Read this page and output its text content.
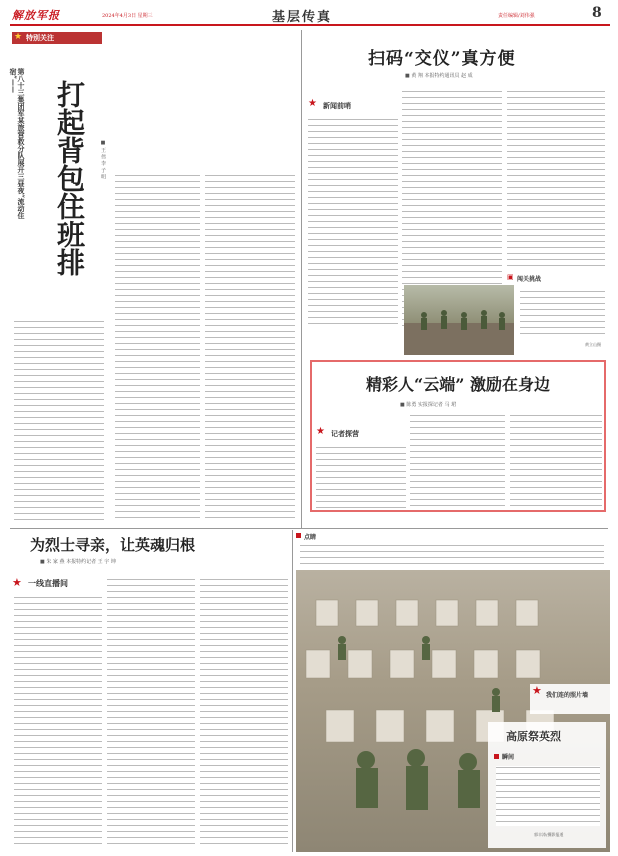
解放军报	2024年4月3日 星期三	基层传真	责任编辑/刘伟强	8
★ 特别关注
第八十三集团军某旅营救分队展开三昼夜“流动住宿”—— 打起背包住班排	■ 王 伟 李 子 明
扫码“交仪”真方便
■ 黄 翔 本报特约通讯员 赵 成
★ 新闻前哨
▣ 闯关挑战
黄立山摄
精彩人“云端” 激励在身边
■ 陈勇 实报探记者 马 珺
★ 记者探营
为烈士寻亲，让英魂归根
■ 朱 家 燕 本报特约记者 王 宇 坤
★ 一线直播间
点睛
★ 我们连的照片墙
高原祭英烈
瞬间
郭丰涛/摄影报道
